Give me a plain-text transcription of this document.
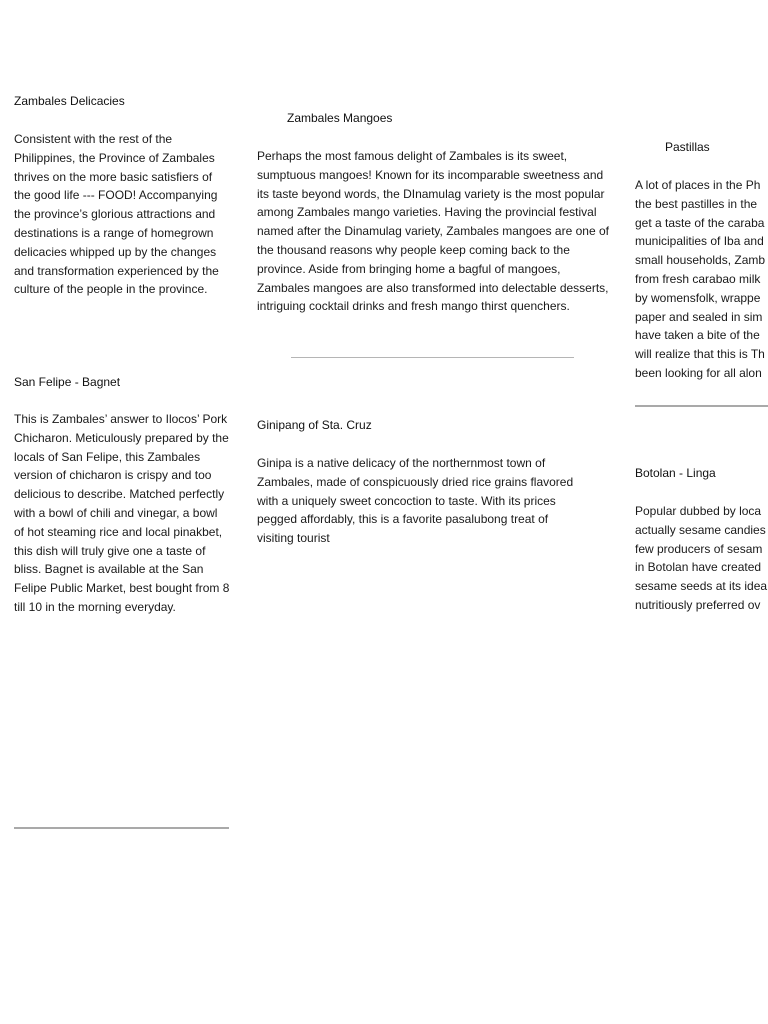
Zambales Delicacies

Consistent with the rest of the Philippines, the Province of Zambales thrives on the more basic satisfiers of the good life --- FOOD! Accompanying the province’s glorious attractions and destinations is a range of homegrown delicacies whipped up by the changes and transformation experienced by the culture of the people in the province.

San Felipe - Bagnet

This is Zambales’ answer to Ilocos’ Pork Chicharon. Meticulously prepared by the locals of San Felipe, this Zambales version of chicharon is crispy and too delicious to describe. Matched perfectly with a bowl of chili and vinegar, a bowl of hot steaming rice and local pinakbet, this dish will truly give one a taste of bliss. Bagnet is available at the San Felipe Public Market, best bought from 8 till 10 in the morning everyday.

Zambales Mangoes

Perhaps the most famous delight of Zambales is its sweet, sumptuous mangoes! Known for its incomparable sweetness and its taste beyond words, the DInamulag variety is the most popular among Zambales mango varieties. Having the provincial festival named after the Dinamulag variety, Zambales mangoes are one of the thousand reasons why people keep coming back to the province. Aside from bringing home a bagful of mangoes, Zambales mangoes are also transformed into delectable desserts, intriguing cocktail drinks and fresh mango thirst quenchers.

Ginipang of Sta. Cruz

Ginipa is a native delicacy of the northernmost town of Zambales, made of conspicuously dried rice grains flavored with a uniquely sweet concoction to taste. With its prices pegged affordably, this is a favorite pasalubong treat of visiting tourist

Pastillas
A lot of places in the Ph
the best pastilles in the
get a taste of the caraba
municipalities of Iba and
small households, Zamb
from fresh carabao milk
by womensfolk, wrappe
paper and sealed in sim
have taken a bite of the
will realize that this is Th
been looking for all alon
Botolan - Linga
Popular dubbed by loca
actually sesame candies
few producers of sesam
in Botolan have created
sesame seeds at its idea
nutritiously preferred ov
